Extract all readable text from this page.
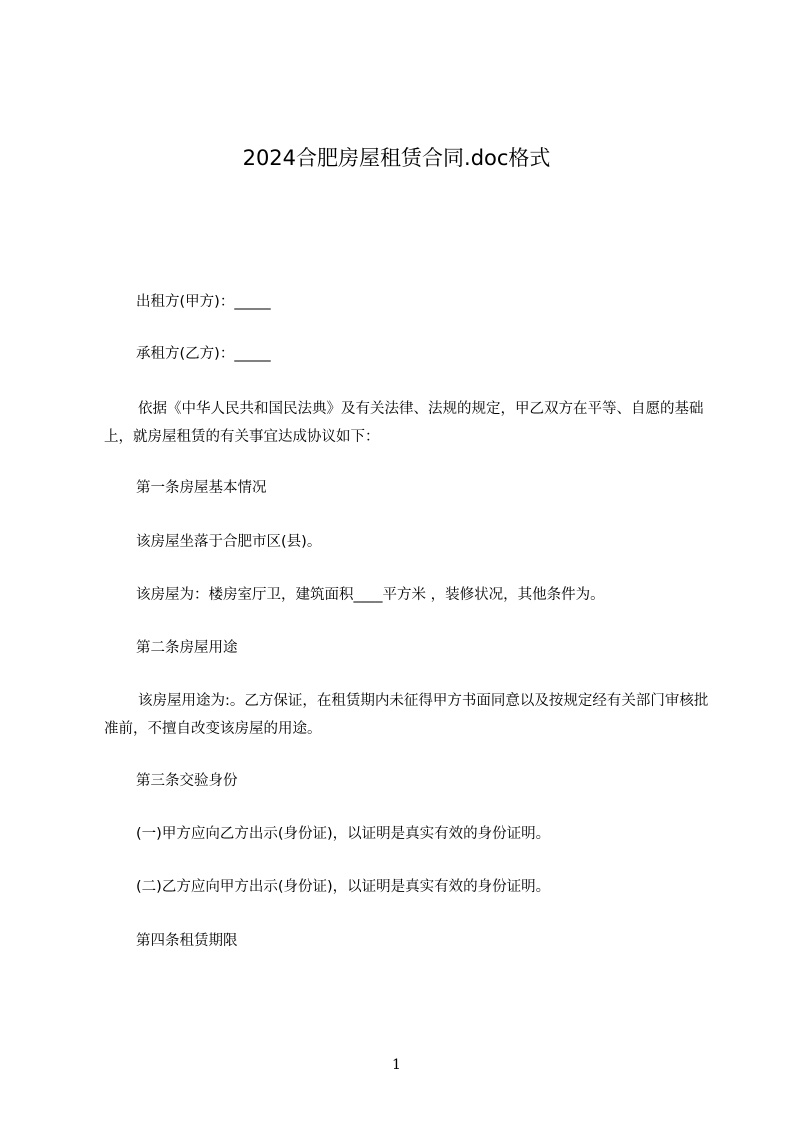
2024合肥房屋租赁合同.doc格式
出租方(甲方)：_____
承租方(乙方)：_____
依据《中华人民共和国民法典》及有关法律、法规的规定，甲乙双方在平等、自愿的基础上，就房屋租赁的有关事宜达成协议如下：
第一条房屋基本情况
该房屋坐落于合肥市区(县)。
该房屋为：楼房室厅卫，建筑面积____平方米 ，装修状况，其他条件为。
第二条房屋用途
该房屋用途为:。乙方保证，在租赁期内未征得甲方书面同意以及按规定经有关部门审核批准前，不擅自改变该房屋的用途。
第三条交验身份
(一)甲方应向乙方出示(身份证)，以证明是真实有效的身份证明。
(二)乙方应向甲方出示(身份证)，以证明是真实有效的身份证明。
第四条租赁期限
1
